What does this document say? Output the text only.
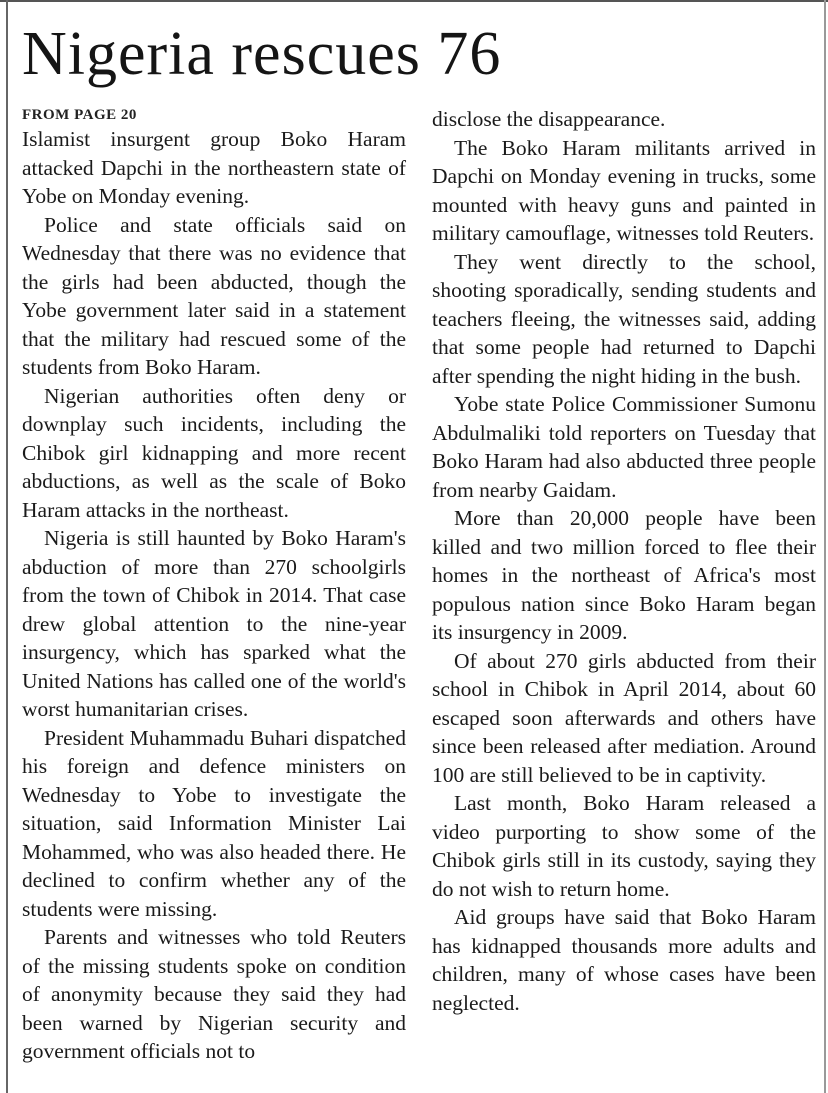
Nigeria rescues 76

FROM PAGE 20

Islamist insurgent group Boko Haram attacked Dapchi in the northeastern state of Yobe on Monday evening.

Police and state officials said on Wednesday that there was no evidence that the girls had been abducted, though the Yobe government later said in a statement that the military had rescued some of the students from Boko Haram.

Nigerian authorities often deny or downplay such incidents, including the Chibok girl kidnapping and more recent abductions, as well as the scale of Boko Haram attacks in the northeast.

Nigeria is still haunted by Boko Haram's abduction of more than 270 schoolgirls from the town of Chibok in 2014. That case drew global attention to the nine-year insurgency, which has sparked what the United Nations has called one of the world's worst humanitarian crises.

President Muhammadu Buhari dispatched his foreign and defence ministers on Wednesday to Yobe to investigate the situation, said Information Minister Lai Mohammed, who was also headed there. He declined to confirm whether any of the students were missing.

Parents and witnesses who told Reuters of the missing students spoke on condition of anonymity because they said they had been warned by Nigerian security and government officials not to

disclose the disappearance.

The Boko Haram militants arrived in Dapchi on Monday evening in trucks, some mounted with heavy guns and painted in military camouflage, witnesses told Reuters.

They went directly to the school, shooting sporadically, sending students and teachers fleeing, the witnesses said, adding that some people had returned to Dapchi after spending the night hiding in the bush.

Yobe state Police Commissioner Sumonu Abdulmaliki told reporters on Tuesday that Boko Haram had also abducted three people from nearby Gaidam.

More than 20,000 people have been killed and two million forced to flee their homes in the northeast of Africa's most populous nation since Boko Haram began its insurgency in 2009.

Of about 270 girls abducted from their school in Chibok in April 2014, about 60 escaped soon afterwards and others have since been released after mediation. Around 100 are still believed to be in captivity.

Last month, Boko Haram released a video purporting to show some of the Chibok girls still in its custody, saying they do not wish to return home.

Aid groups have said that Boko Haram has kidnapped thousands more adults and children, many of whose cases have been neglected.
